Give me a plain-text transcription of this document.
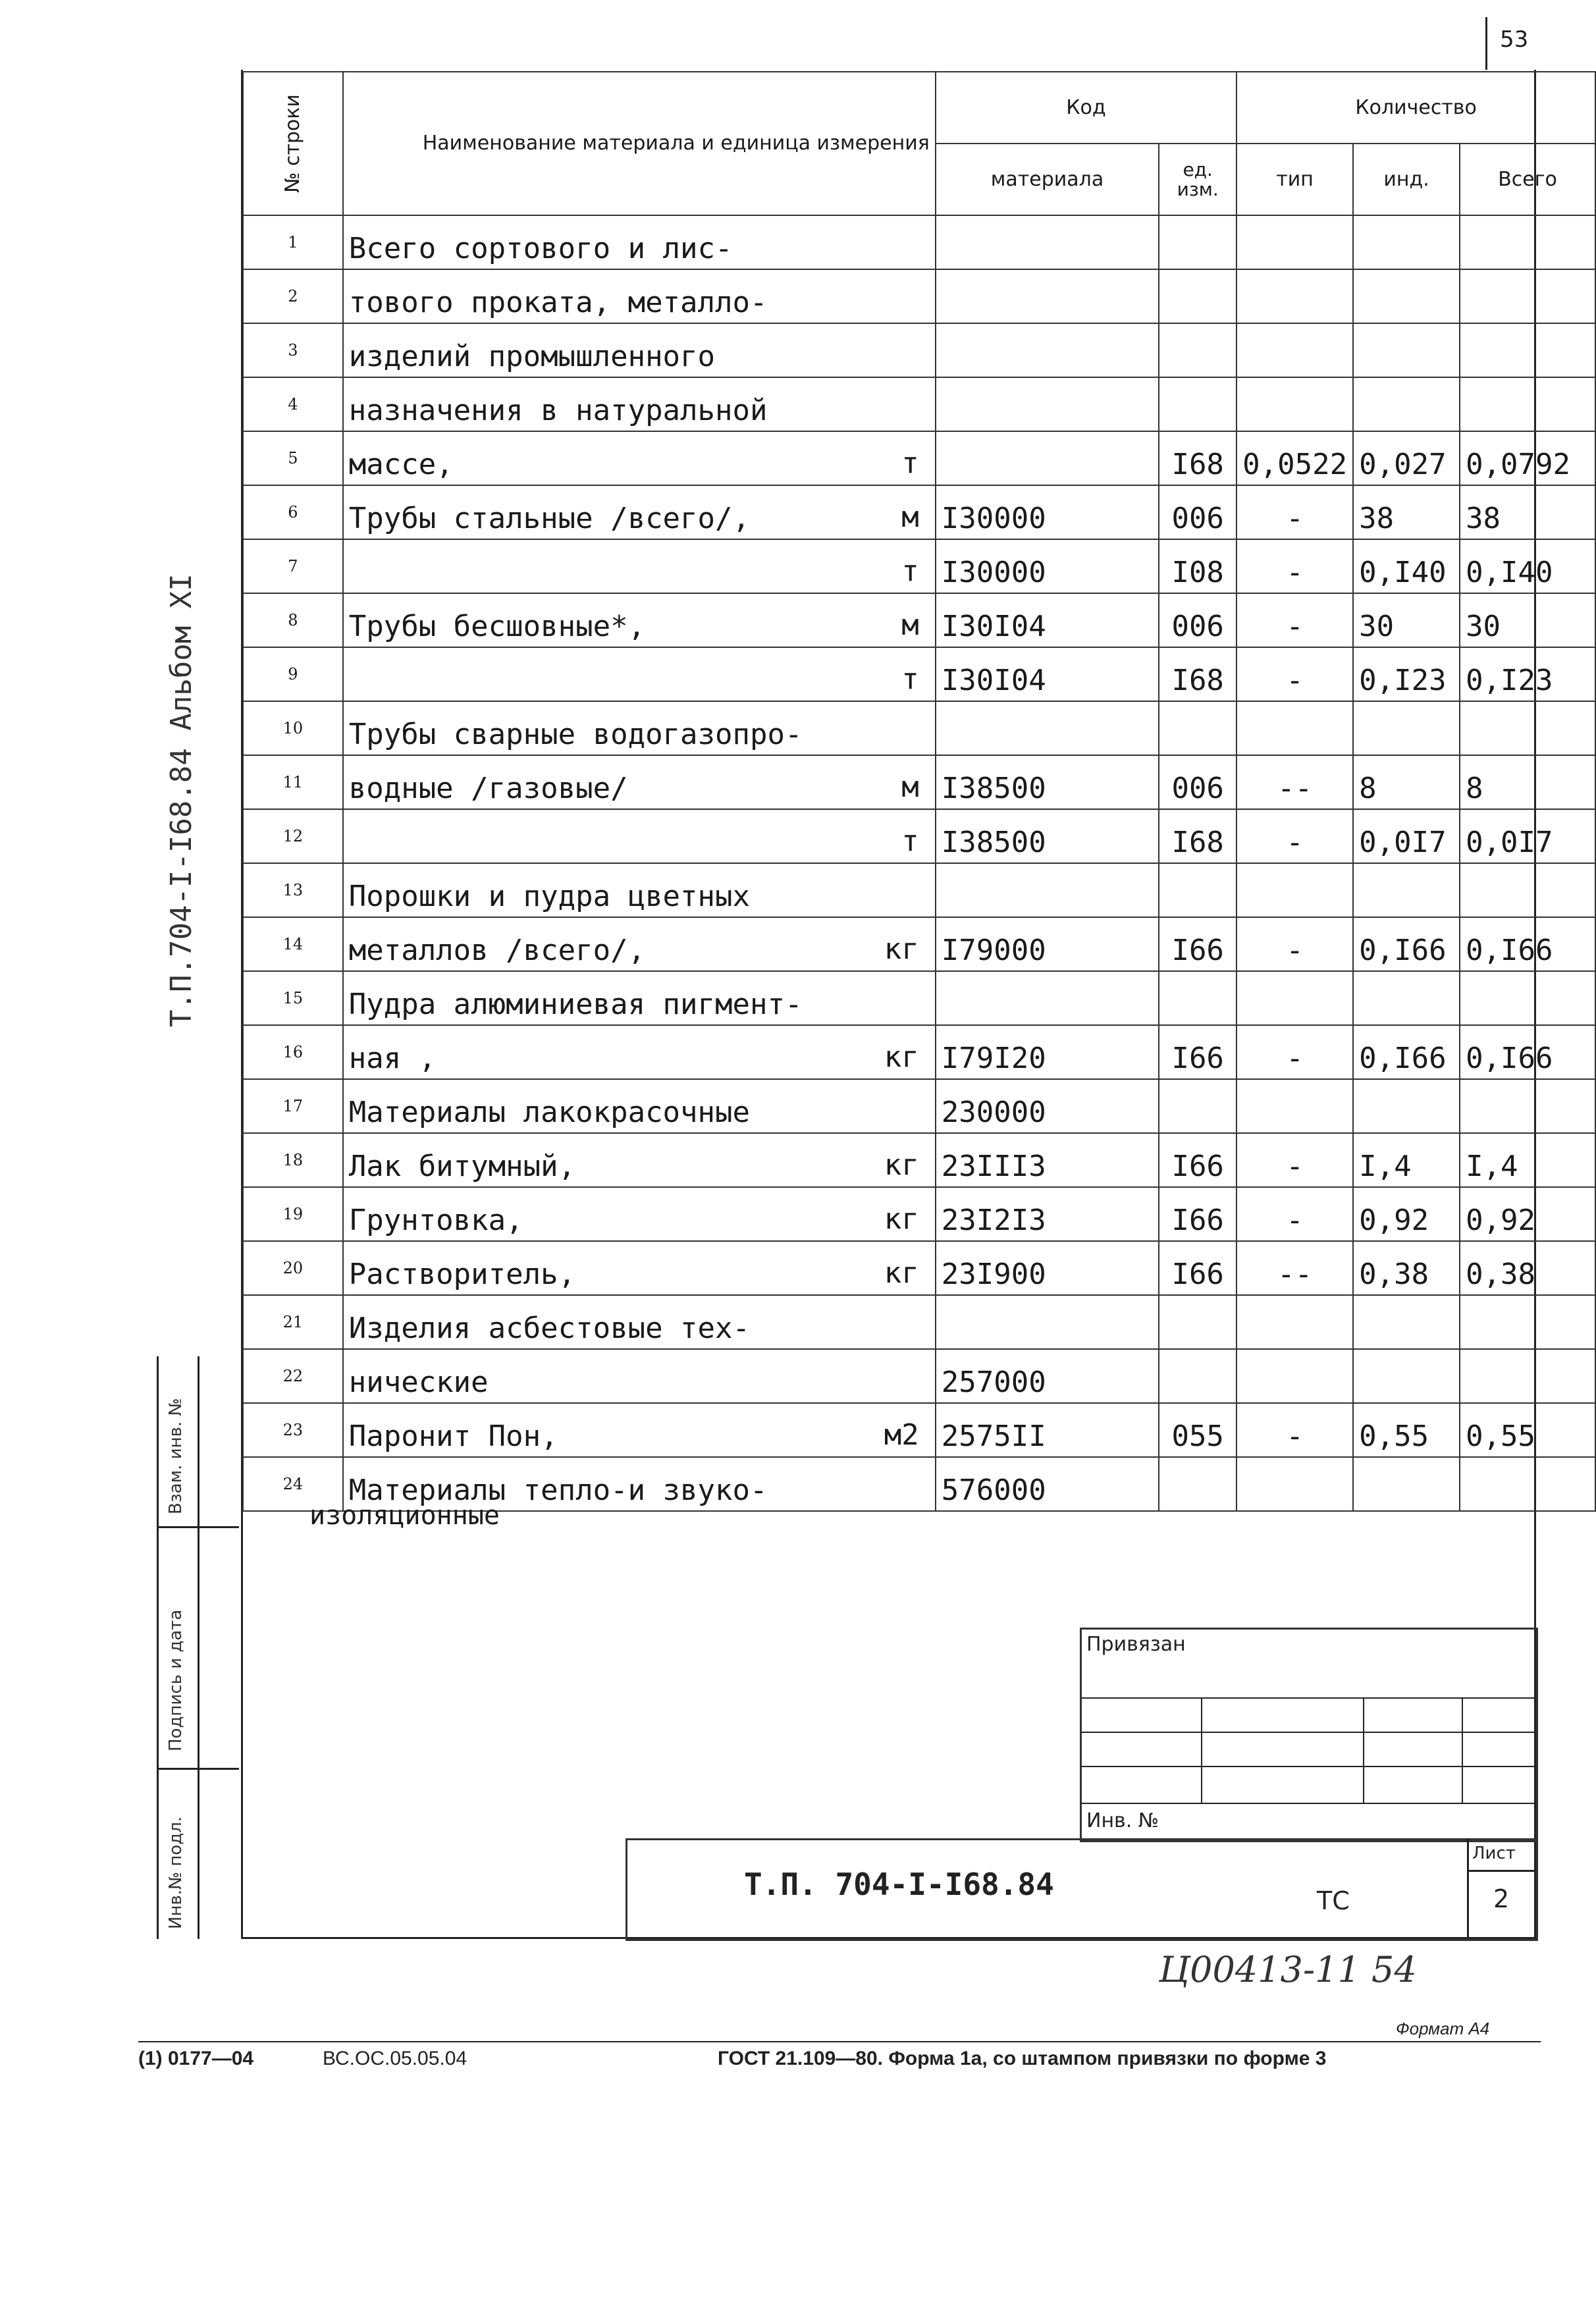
53
Т.П.704-I-I68.84 Альбом XI
Взам. инв. №
Подпись и дата
Инв.№ подл.
№ строки	Наименование материала и единица измерения	Код		Количество		
		материала	ед. изм.	тип	инд.	Всего
1	Всего сортового и лис-

2	тового проката, металло-

3	изделий промышленного

4	назначения в натуральной

5	массе, т		I68	0,0522	0,027	0,0792
6	Трубы стальные /всего/, м	I30000	006	-	38	38
7	т	I30000	I08	-	0,I40	0,I40
8	Трубы бесшовные*, м	I30I04	006	-	30	30
9	т	I30I04	I68	-	0,I23	0,I23
10	Трубы сварные водогазопро-

11	водные /газовые/ м	I38500	006	--	8	8
12	т	I38500	I68	-	0,0I7	0,0I7
13	Порошки и пудра цветных

14	металлов /всего/, кг	I79000	I66	-	0,I66	0,I66
15	Пудра алюминиевая пигмент-

16	ная , кг	I79I20	I66	-	0,I66	0,I66
17	Материалы лакокрасочные	230000				
18	Лак битумный, кг	23III3	I66	-	I,4	I,4
19	Грунтовка, кг	23I2I3	I66	-	0,92	0,92
20	Растворитель, кг	23I900	I66	--	0,38	0,38
21	Изделия асбестовые тех-

22	нические	257000				
23	Паронит Пон, м2	2575II	055	-	0,55	0,55
24	Материалы тепло-и звуко-	576000				
изоляционные
Привязан
Инв. №
Т.П. 704-I-I68.84	ТС
Лист
2
Ц00413-11 54
Формат А4
(1) 0177—04	ВС.ОС.05.05.04	ГОСТ 21.109—80. Форма 1а, со штампом привязки по форме 3
